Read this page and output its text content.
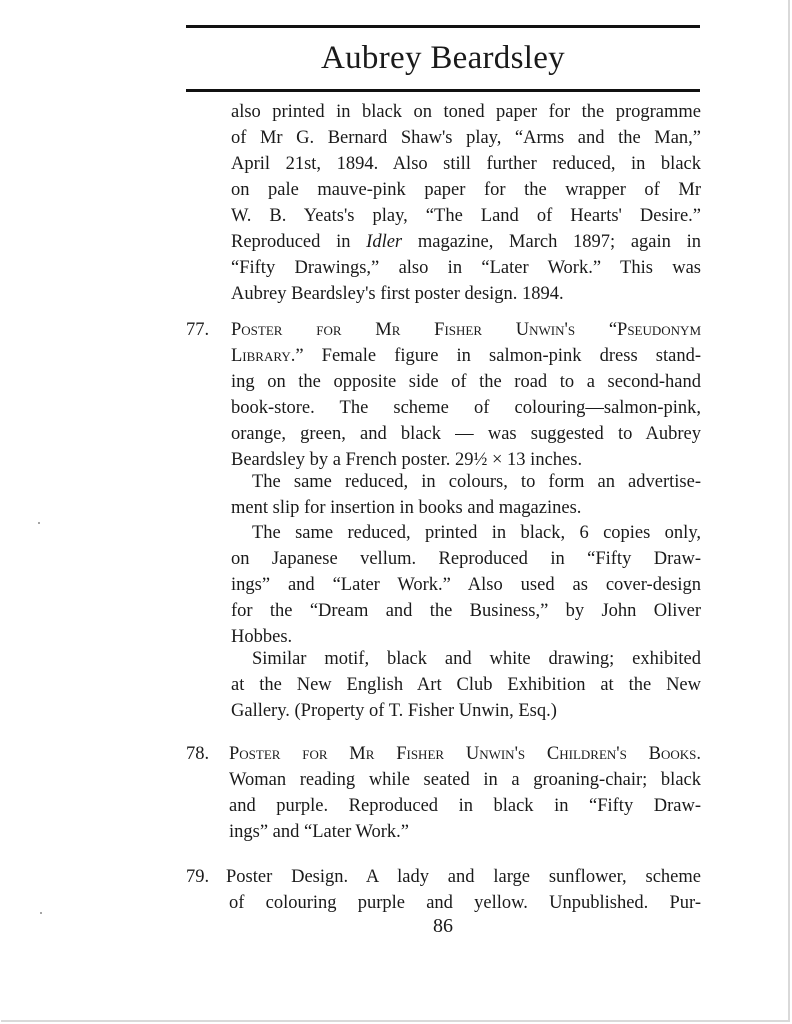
Aubrey Beardsley
also printed in black on toned paper for the programme
of Mr G. Bernard Shaw's play, “Arms and the Man,”
April 21st, 1894. Also still further reduced, in black
on pale mauve-pink paper for the wrapper of Mr
W. B. Yeats's play, “The Land of Hearts' Desire.”
Reproduced in Idler magazine, March 1897; again in
“Fifty Drawings,” also in “Later Work.” This was
Aubrey Beardsley's first poster design. 1894.
77. Poster for Mr Fisher Unwin's “Pseudonym
Library.” Female figure in salmon-pink dress stand-
ing on the opposite side of the road to a second-hand
book-store. The scheme of colouring—salmon-pink,
orange, green, and black — was suggested to Aubrey
Beardsley by a French poster. 29½ × 13 inches.
The same reduced, in colours, to form an advertise-
ment slip for insertion in books and magazines.
The same reduced, printed in black, 6 copies only,
on Japanese vellum. Reproduced in “Fifty Draw-
ings” and “Later Work.” Also used as cover-design
for the “Dream and the Business,” by John Oliver
Hobbes.
Similar motif, black and white drawing; exhibited
at the New English Art Club Exhibition at the New
Gallery. (Property of T. Fisher Unwin, Esq.)
78. Poster for Mr Fisher Unwin's Children's Books.
Woman reading while seated in a groaning-chair; black
and purple. Reproduced in black in “Fifty Draw-
ings” and “Later Work.”
79. Poster Design. A lady and large sunflower, scheme
of colouring purple and yellow. Unpublished. Pur-
86
